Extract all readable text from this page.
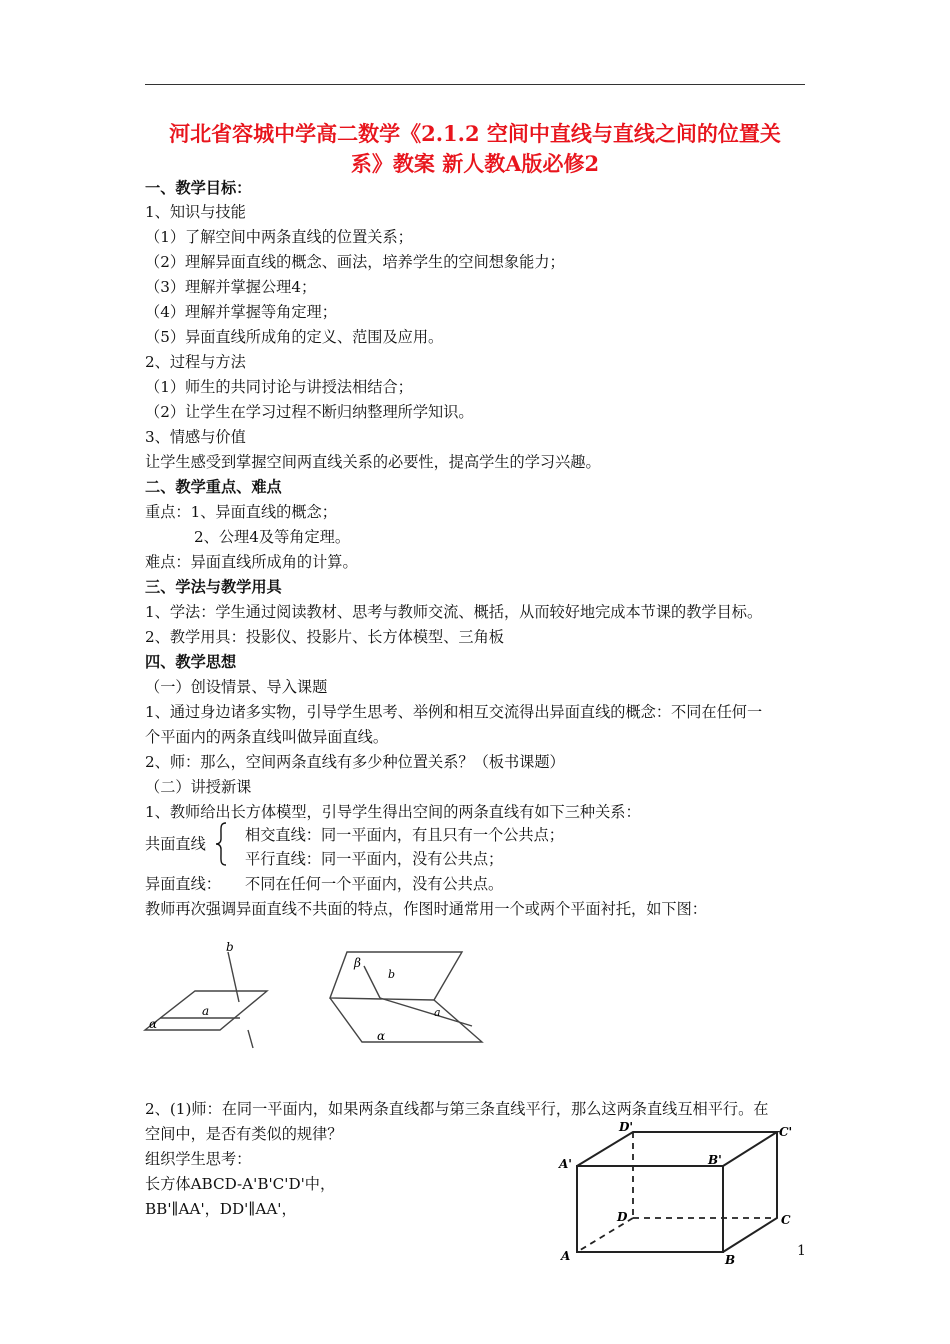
河北省容城中学高二数学《2.1.2 空间中直线与直线之间的位置关
系》教案 新人教A版必修2
一、教学目标：
1、知识与技能
（1）了解空间中两条直线的位置关系；
（2）理解异面直线的概念、画法，培养学生的空间想象能力；
（3）理解并掌握公理4；
（4）理解并掌握等角定理；
（5）异面直线所成角的定义、范围及应用。
2、过程与方法
（1）师生的共同讨论与讲授法相结合；
（2）让学生在学习过程不断归纳整理所学知识。
3、情感与价值
让学生感受到掌握空间两直线关系的必要性，提高学生的学习兴趣。
二、教学重点、难点
重点：1、异面直线的概念；
2、公理4及等角定理。
难点：异面直线所成角的计算。
三、学法与教学用具
1、学法：学生通过阅读教材、思考与教师交流、概括，从而较好地完成本节课的教学目标。
2、教学用具：投影仪、投影片、长方体模型、三角板
四、教学思想
（一）创设情景、导入课题
1、通过身边诸多实物，引导学生思考、举例和相互交流得出异面直线的概念：不同在任何一
个平面内的两条直线叫做异面直线。
2、师：那么，空间两条直线有多少种位置关系？（板书课题）
（二）讲授新课
1、教师给出长方体模型，引导学生得出空间的两条直线有如下三种关系：
共面直线	相交直线：同一平面内，有且只有一个公共点；
平行直线：同一平面内，没有公共点；
异面直线： 不同在任何一个平面内，没有公共点。
教师再次强调异面直线不共面的特点，作图时通常用一个或两个平面衬托，如下图：
b
a
α
β
b
a
α
2、(1)师：在同一平面内，如果两条直线都与第三条直线平行，那么这两条直线互相平行。在
空间中，是否有类似的规律？
组织学生思考：
长方体ABCD-A'B'C'D'中，
BB'∥AA'，DD'∥AA'，
D'	C'
A'	B'
D	C
A	B
1
